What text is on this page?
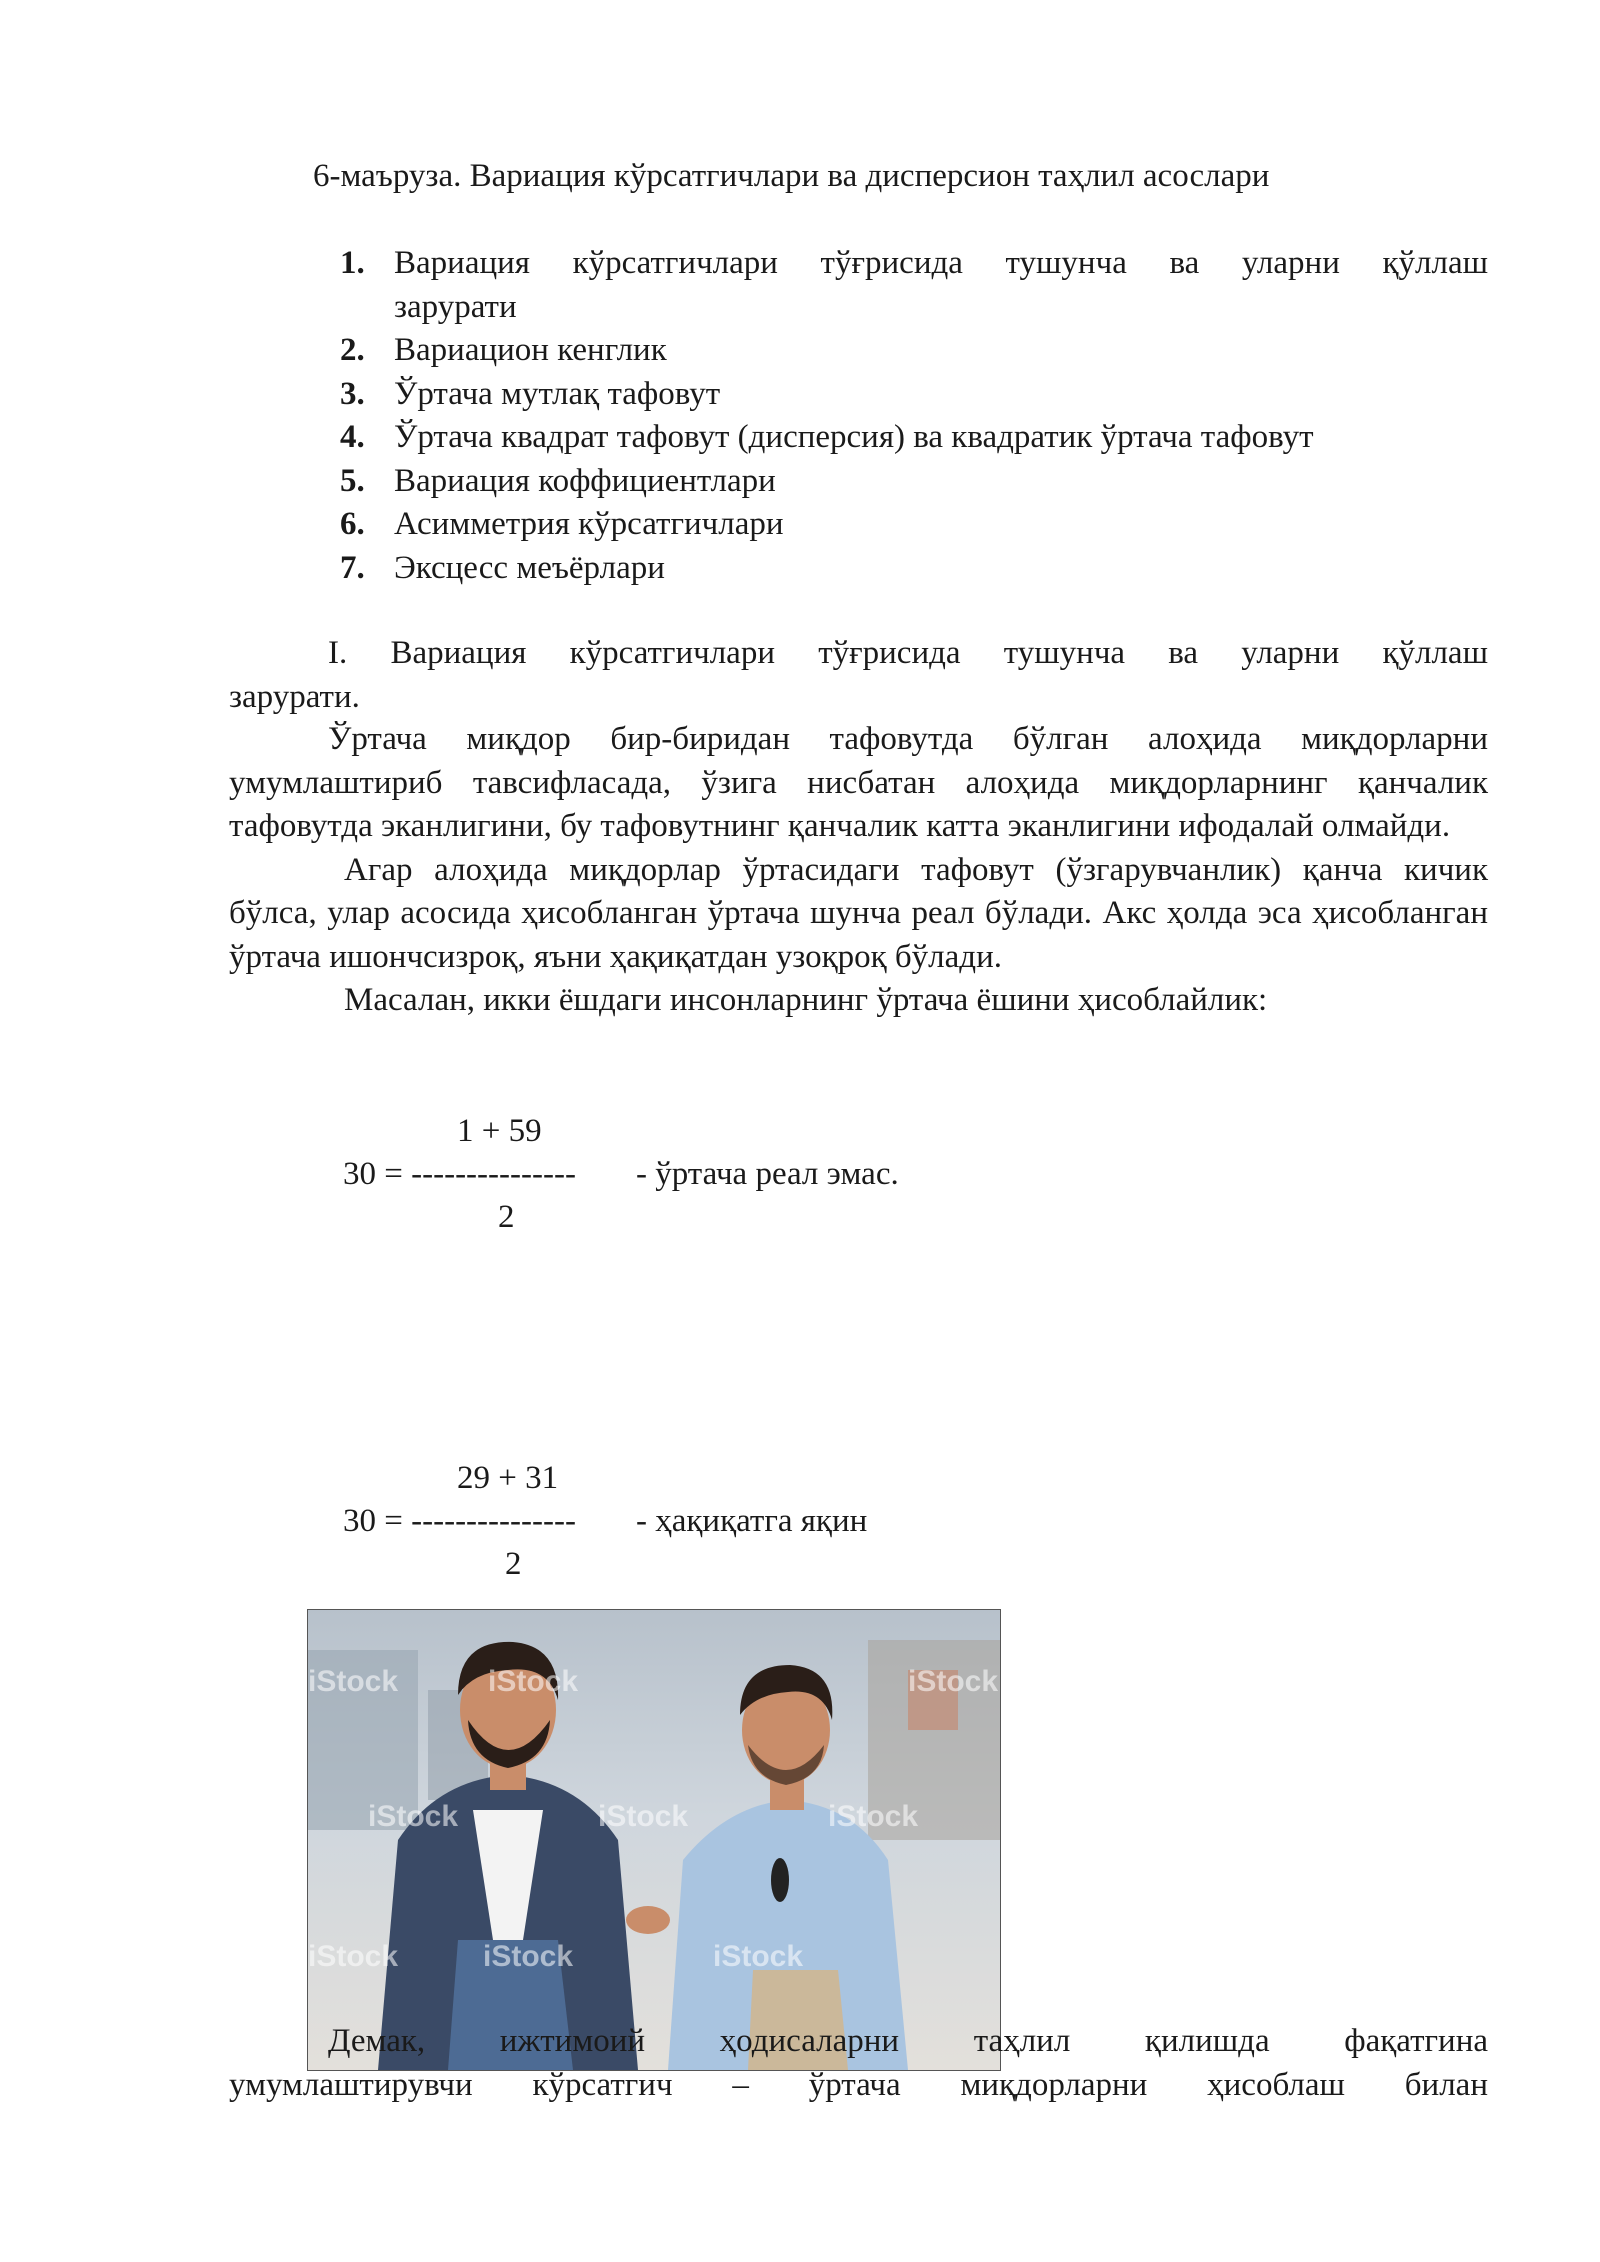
6-маъруза. Вариация кўрсатгичлари ва дисперсион таҳлил асослари
1. Вариация кўрсатгичлари тўғрисида тушунча ва уларни қўллаш
зарурати
2. Вариацион кенглик
3. Ўртача мутлақ тафовут
4. Ўртача квадрат тафовут (дисперсия) ва квадратик ўртача тафовут
5. Вариация коффициентлари
6. Асимметрия кўрсатгичлари
7. Эксцесс меъёрлари

I. Вариация кўрсатгичлари тўғрисида тушунча ва уларни қўллаш

зарурати.

Ўртача миқдор бир-биридан тафовутда бўлган алоҳида миқдорларни умумлаштириб тавсифласада, ўзига нисбатан алоҳида миқдорларнинг қанчалик тафовутда эканлигини, бу тафовутнинг қанчалик катта эканлигини ифодалай олмайди.

Агар алоҳида миқдорлар ўртасидаги тафовут (ўзгарувчанлик) қанча кичик бўлса, улар асосида ҳисобланган ўртача шунча реал бўлади. Акс ҳолда эса ҳисобланган ўртача ишончсизроқ, яъни ҳақиқатдан узоқроқ бўлади.

Масалан, икки ёшдаги инсонларнинг ўртача ёшини ҳисоблайлик:

1 + 59
30 = --------------- - ўртача реал эмас.
2
29 + 31
30 = --------------- - ҳақиқатга яқин
2
iStock	iStock	iStock
iStock	iStock	iStock
iStock	iStock	iStock

Демак, ижтимоий ҳодисаларни таҳлил қилишда фақатгина

умумлаштирувчи кўрсатгич – ўртача миқдорларни ҳисоблаш билан
